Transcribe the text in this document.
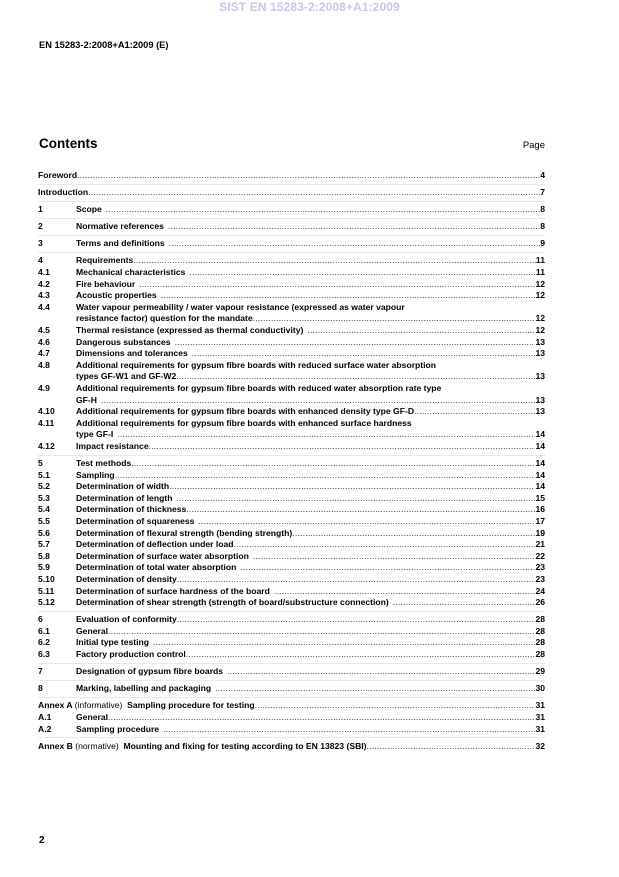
SIST EN 15283-2:2008+A1:2009
EN 15283-2:2008+A1:2009 (E)
Contents	Page
Foreword .....	4
Introduction .....	7
1	Scope .....	8
2	Normative references .....	8
3	Terms and definitions .....	9
4	Requirements .....	11
4.1	Mechanical characteristics .....	11
4.2	Fire behaviour .....	12
4.3	Acoustic properties .....	12
4.4	Water vapour permeability / water vapour resistance (expressed as water vapour
resistance factor) question for the mandate .....	12
4.5	Thermal resistance (expressed as thermal conductivity) .....	12
4.6	Dangerous substances .....	13
4.7	Dimensions and tolerances .....	13
4.8	Additional requirements for gypsum fibre boards with reduced surface water absorption
types GF-W1 and GF-W2 .....	13
4.9	Additional requirements for gypsum fibre boards with reduced water absorption rate type
GF-H .....	13
4.10	Additional requirements for gypsum fibre boards with enhanced density type GF-D .....	13
4.11	Additional requirements for gypsum fibre boards with enhanced surface hardness
type GF-I .....	14
4.12	Impact resistance .....	14
5	Test methods .....	14
5.1	Sampling .....	14
5.2	Determination of width .....	14
5.3	Determination of length .....	15
5.4	Determination of thickness .....	16
5.5	Determination of squareness .....	17
5.6	Determination of flexural strength (bending strength) .....	19
5.7	Determination of deflection under load .....	21
5.8	Determination of surface water absorption .....	22
5.9	Determination of total water absorption .....	23
5.10	Determination of density .....	23
5.11	Determination of surface hardness of the board .....	24
5.12	Determination of shear strength (strength of board/substructure connection) .....	26
6	Evaluation of conformity .....	28
6.1	General .....	28
6.2	Initial type testing .....	28
6.3	Factory production control .....	28
7	Designation of gypsum fibre boards .....	29
8	Marking, labelling and packaging .....	30
Annex A (informative) Sampling procedure for testing .....	31
A.1	General .....	31
A.2	Sampling procedure .....	31
Annex B (normative) Mounting and fixing for testing according to EN 13823 (SBI) .....	32
2
